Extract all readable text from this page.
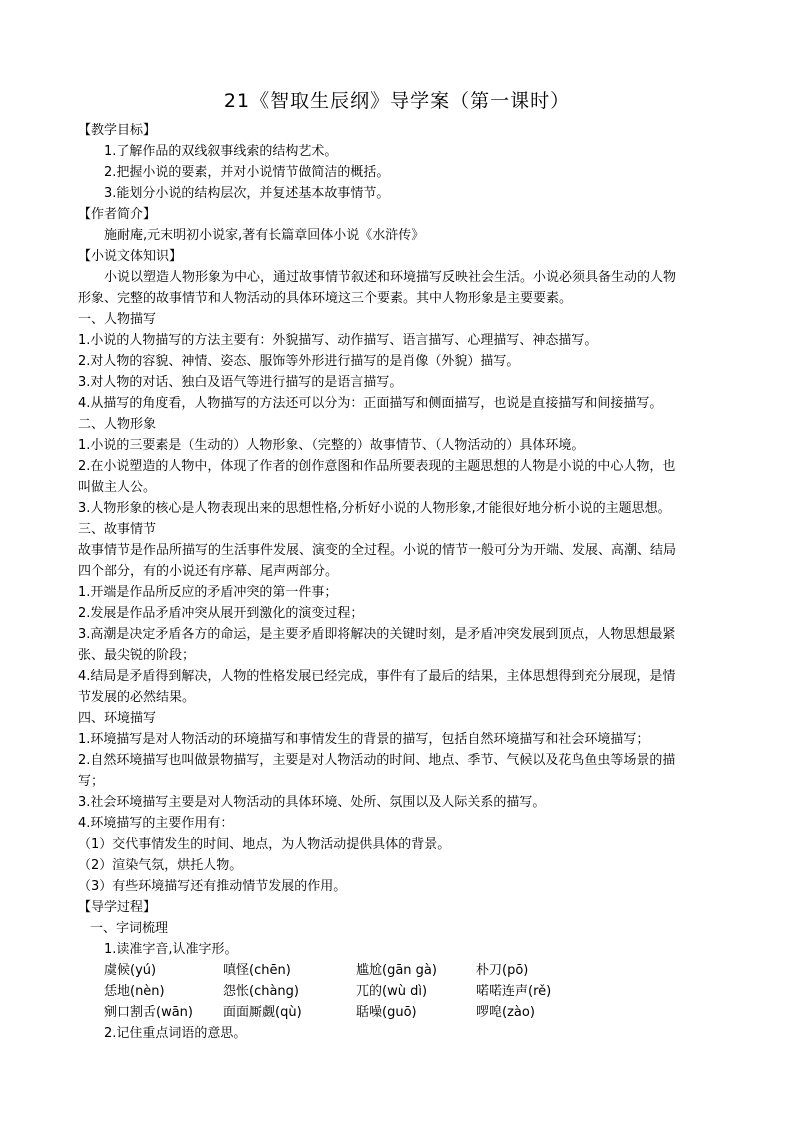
21《智取生辰纲》导学案（第一课时）
【教学目标】
1.了解作品的双线叙事线索的结构艺术。
2.把握小说的要素，并对小说情节做简洁的概括。
3.能划分小说的结构层次，并复述基本故事情节。
【作者简介】
施耐庵,元末明初小说家,著有长篇章回体小说《水浒传》
【小说文体知识】
小说以塑造人物形象为中心，通过故事情节叙述和环境描写反映社会生活。小说必须具备生动的人物
形象、完整的故事情节和人物活动的具体环境这三个要素。其中人物形象是主要要素。
一、人物描写
1.小说的人物描写的方法主要有：外貌描写、动作描写、语言描写、心理描写、神态描写。
2.对人物的容貌、神情、姿态、服饰等外形进行描写的是肖像（外貌）描写。
3.对人物的对话、独白及语气等进行描写的是语言描写。
4.从描写的角度看，人物描写的方法还可以分为：正面描写和侧面描写，也说是直接描写和间接描写。
二、人物形象
1.小说的三要素是（生动的）人物形象、（完整的）故事情节、（人物活动的）具体环境。
2.在小说塑造的人物中，体现了作者的创作意图和作品所要表现的主题思想的人物是小说的中心人物，也
叫做主人公。
3.人物形象的核心是人物表现出来的思想性格,分析好小说的人物形象,才能很好地分析小说的主题思想。
三、故事情节
故事情节是作品所描写的生活事件发展、演变的全过程。小说的情节一般可分为开端、发展、高潮、结局
四个部分，有的小说还有序幕、尾声两部分。
1.开端是作品所反应的矛盾冲突的第一件事；
2.发展是作品矛盾冲突从展开到激化的演变过程；
3.高潮是决定矛盾各方的命运，是主要矛盾即将解决的关键时刻，是矛盾冲突发展到顶点，人物思想最紧
张、最尖锐的阶段；
4.结局是矛盾得到解决，人物的性格发展已经完成，事件有了最后的结果，主体思想得到充分展现，是情
节发展的必然结果。
四、环境描写
1.环境描写是对人物活动的环境描写和事情发生的背景的描写，包括自然环境描写和社会环境描写；
2.自然环境描写也叫做景物描写，主要是对人物活动的时间、地点、季节、气候以及花鸟鱼虫等场景的描
写；
3.社会环境描写主要是对人物活动的具体环境、处所、氛围以及人际关系的描写。
4.环境描写的主要作用有：
（1）交代事情发生的时间、地点，为人物活动提供具体的背景。
（2）渲染气氛，烘托人物。
（3）有些环境描写还有推动情节发展的作用。
【导学过程】
一、字词梳理
1.读准字音,认准字形。
虞候(yú)	嗔怪(chēn)	尴尬(gān gà)	朴刀(pō)
恁地(nèn)	怨怅(chàng)	兀的(wù dì)	喏喏连声(rě)
剜口割舌(wān) 面面厮觑(qù)	聒噪(guō)	啰唣(zào)
2.记住重点词语的意思。
